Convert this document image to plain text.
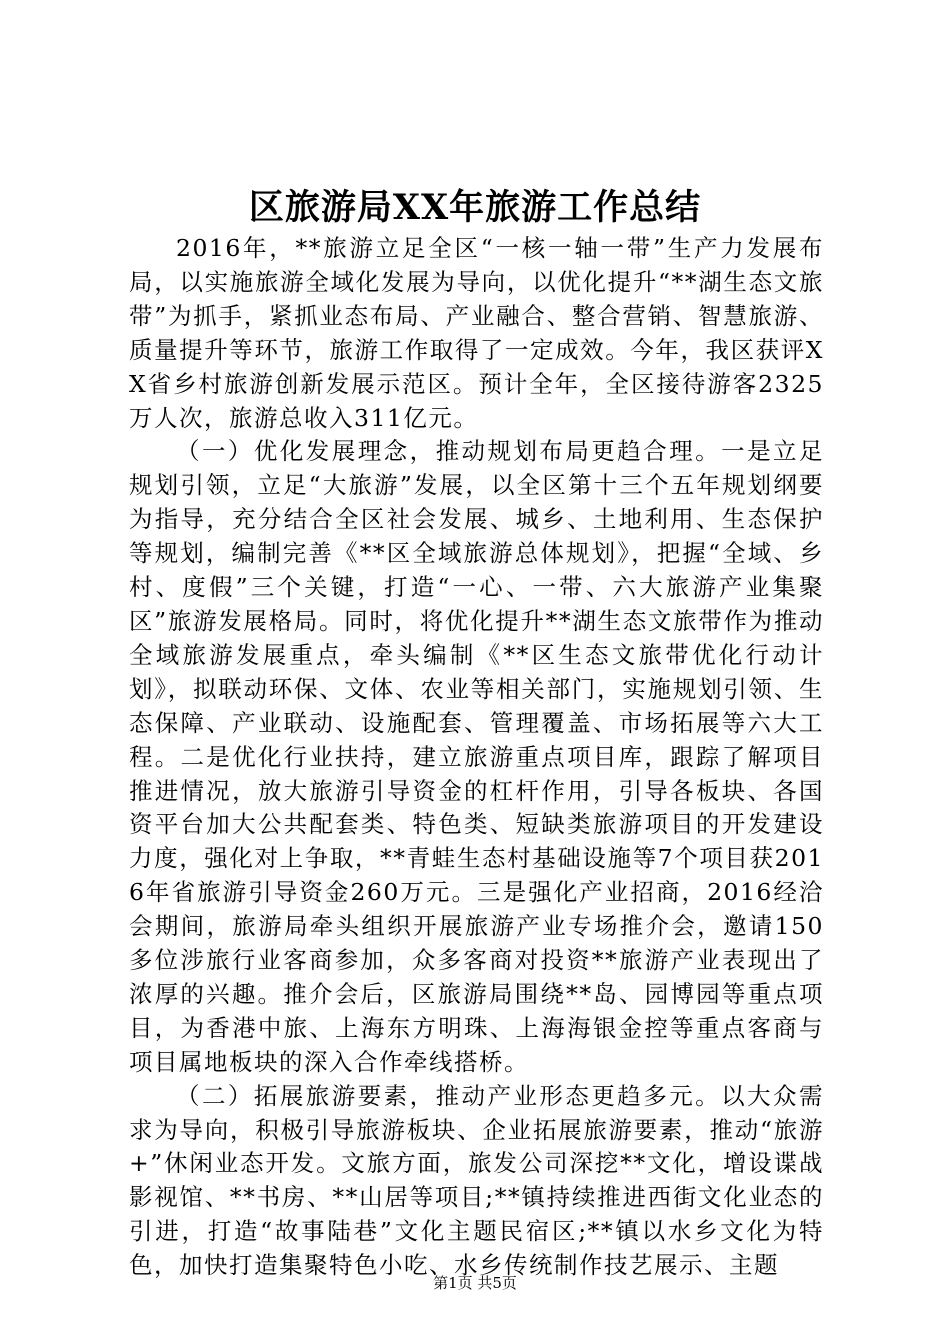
区旅游局XX年旅游工作总结

2016年，**旅游立足全区“一核一轴一带”生产力发展布局，以实施旅游全域化发展为导向，以优化提升“**湖生态文旅带”为抓手，紧抓业态布局、产业融合、整合营销、智慧旅游、质量提升等环节，旅游工作取得了一定成效。今年，我区获评XX省乡村旅游创新发展示范区。预计全年，全区接待游客2325万人次，旅游总收入311亿元。

（一）优化发展理念，推动规划布局更趋合理。一是立足规划引领，立足“大旅游”发展，以全区第十三个五年规划纲要为指导，充分结合全区社会发展、城乡、土地利用、生态保护等规划，编制完善《**区全域旅游总体规划》，把握“全域、乡村、度假”三个关键，打造“一心、一带、六大旅游产业集聚区”旅游发展格局。同时，将优化提升**湖生态文旅带作为推动全域旅游发展重点，牵头编制《**区生态文旅带优化行动计划》，拟联动环保、文体、农业等相关部门，实施规划引领、生态保障、产业联动、设施配套、管理覆盖、市场拓展等六大工程。二是优化行业扶持，建立旅游重点项目库，跟踪了解项目推进情况，放大旅游引导资金的杠杆作用，引导各板块、各国资平台加大公共配套类、特色类、短缺类旅游项目的开发建设力度，强化对上争取，**青蛙生态村基础设施等7个项目获2016年省旅游引导资金260万元。三是强化产业招商，2016经洽会期间，旅游局牵头组织开展旅游产业专场推介会，邀请150多位涉旅行业客商参加，众多客商对投资**旅游产业表现出了浓厚的兴趣。推介会后，区旅游局围绕**岛、园博园等重点项目，为香港中旅、上海东方明珠、上海海银金控等重点客商与项目属地板块的深入合作牵线搭桥。

（二）拓展旅游要素，推动产业形态更趋多元。以大众需求为导向，积极引导旅游板块、企业拓展旅游要素，推动“旅游+”休闲业态开发。文旅方面，旅发公司深挖**文化，增设谍战影视馆、**书房、**山居等项目;**镇持续推进西街文化业态的引进，打造“故事陆巷”文化主题民宿区;**镇以水乡文化为特色，加快打造集聚特色小吃、水乡传统制作技艺展示、主题

第1页 共5页
